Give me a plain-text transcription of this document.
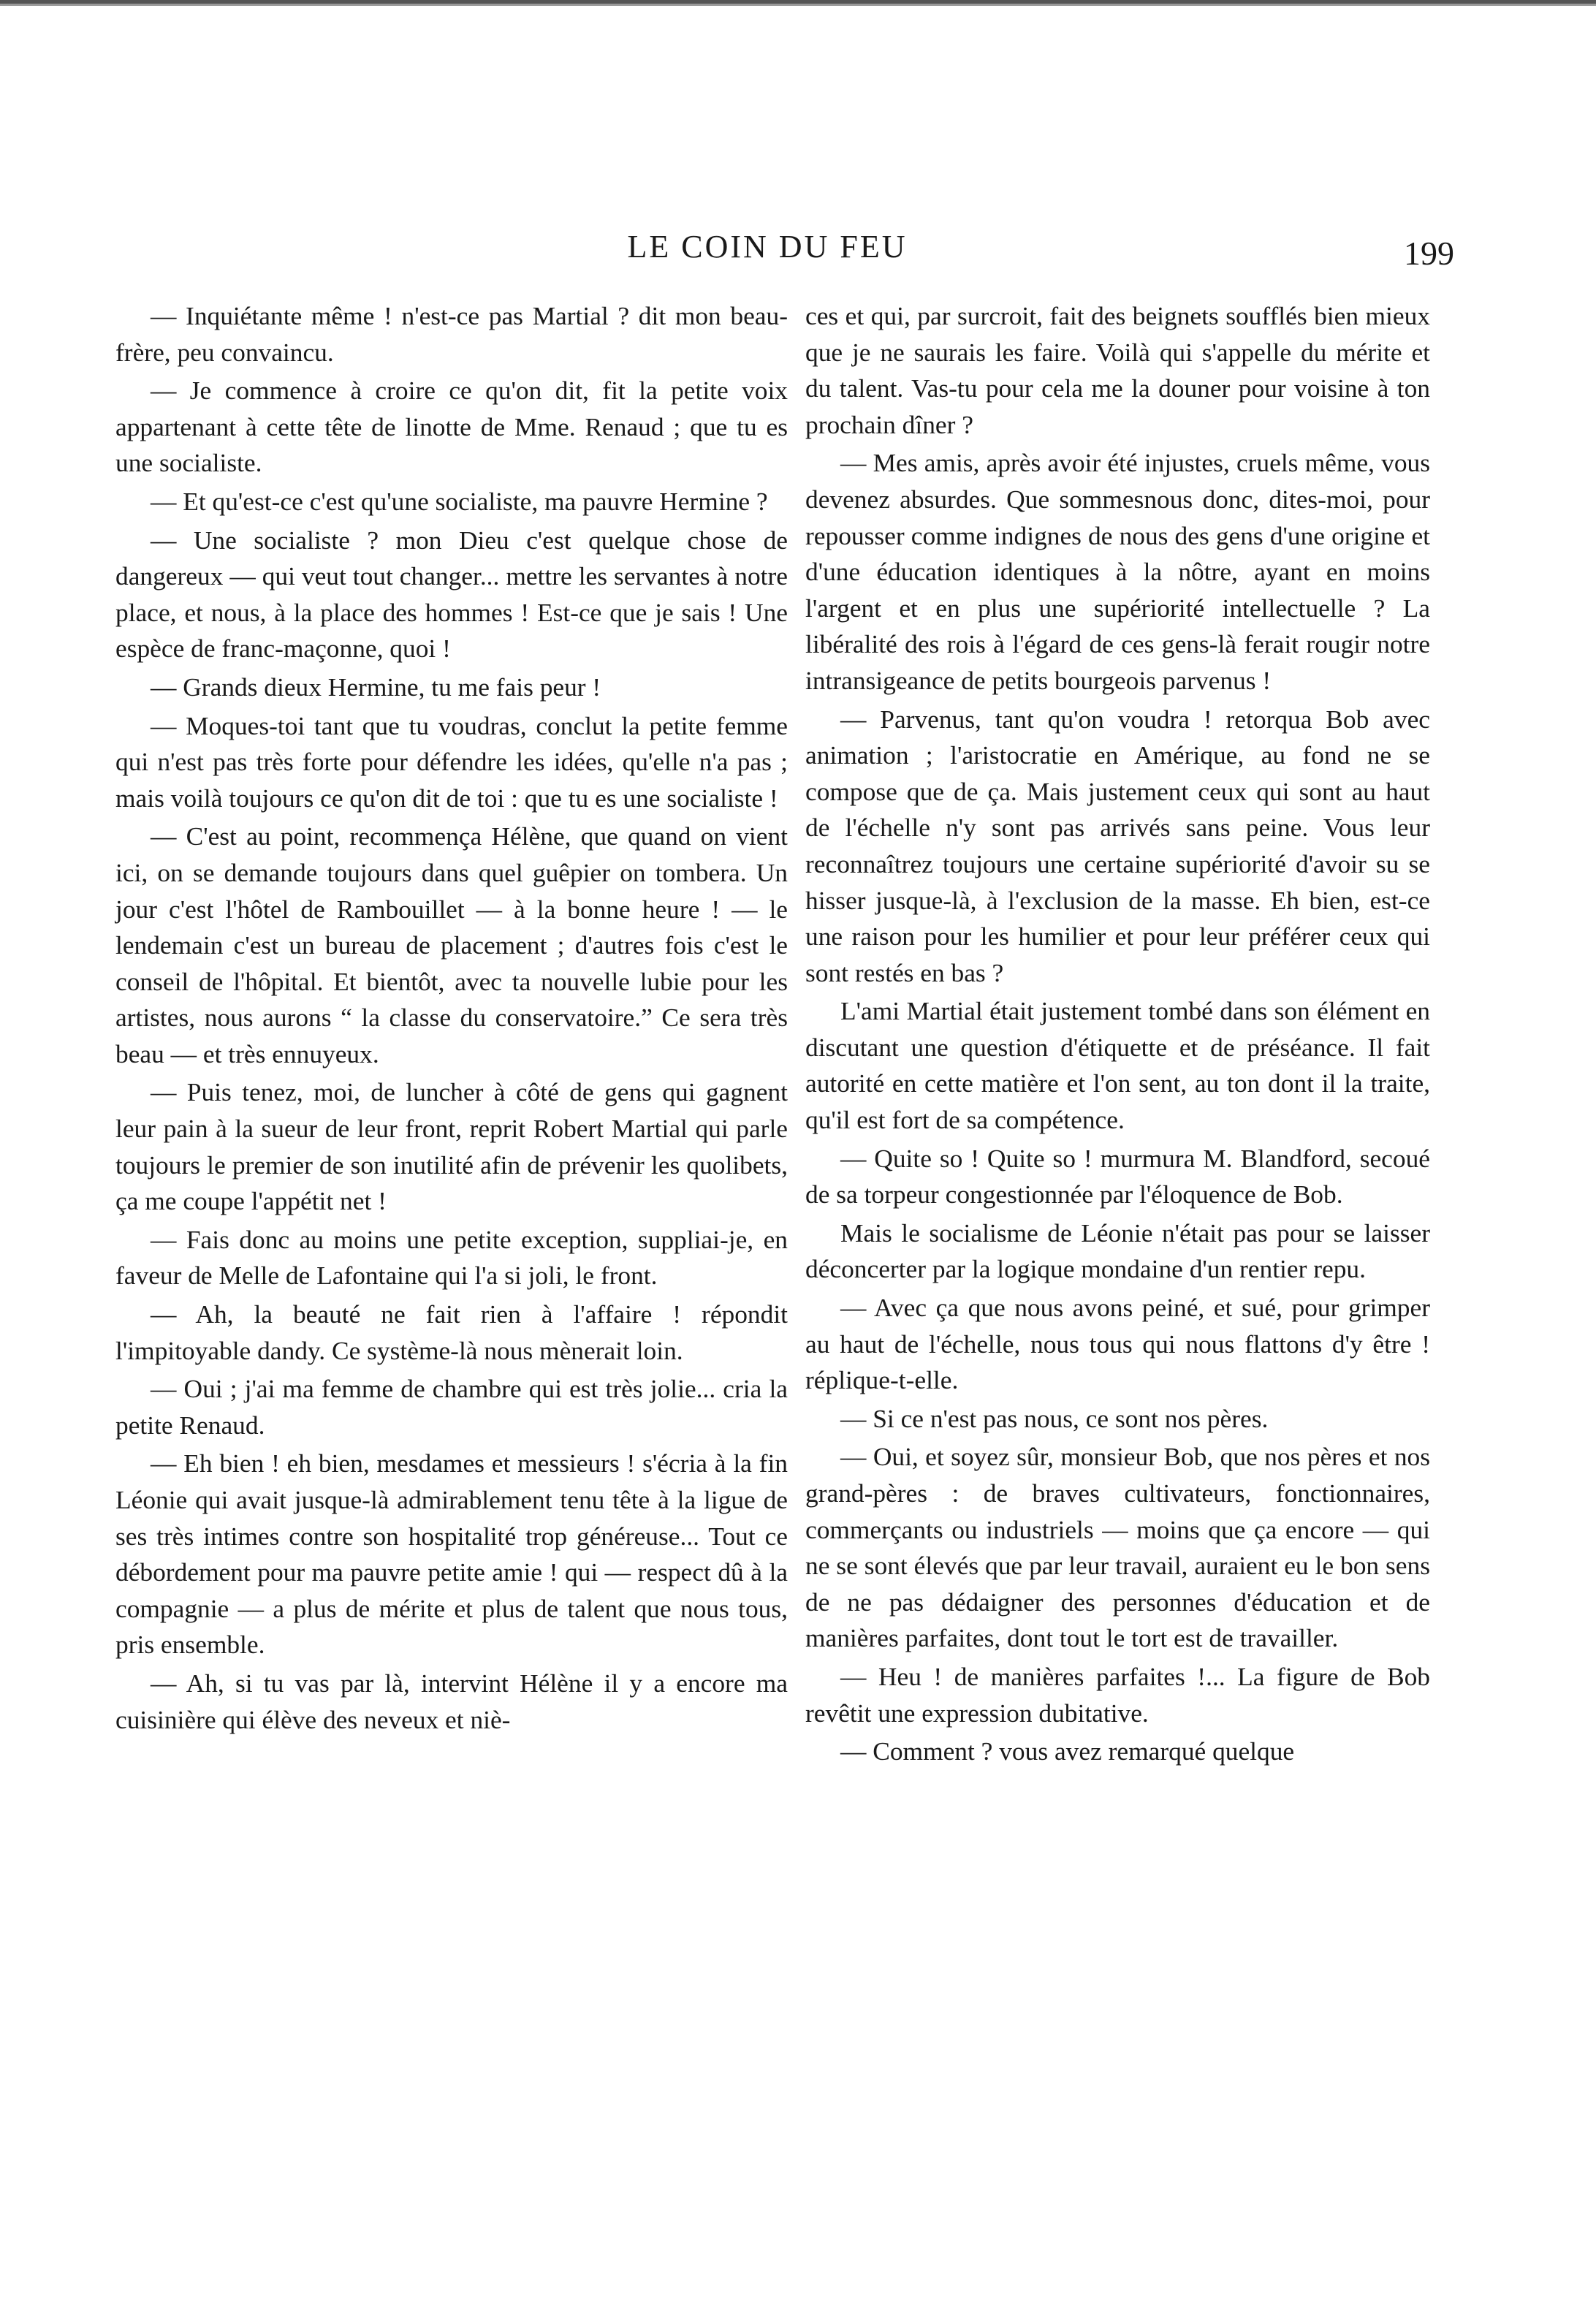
LE COIN DU FEU	199

— Inquiétante même ! n'est-ce pas Martial ? dit mon beau-frère, peu convaincu.

— Je commence à croire ce qu'on dit, fit la petite voix appartenant à cette tête de linotte de Mme. Renaud ; que tu es une socialiste.

— Et qu'est-ce c'est qu'une socialiste, ma pauvre Hermine ?

— Une socialiste ? mon Dieu c'est quelque chose de dangereux — qui veut tout changer... mettre les servantes à notre place, et nous, à la place des hommes ! Est-ce que je sais ! Une espèce de franc-maçonne, quoi !

— Grands dieux Hermine, tu me fais peur !

— Moques-toi tant que tu voudras, conclut la petite femme qui n'est pas très forte pour défendre les idées, qu'elle n'a pas ; mais voilà toujours ce qu'on dit de toi : que tu es une socialiste !

— C'est au point, recommença Hélène, que quand on vient ici, on se demande toujours dans quel guêpier on tombera. Un jour c'est l'hôtel de Rambouillet — à la bonne heure ! — le lendemain c'est un bureau de placement ; d'autres fois c'est le conseil de l'hôpital. Et bientôt, avec ta nouvelle lubie pour les artistes, nous aurons “ la classe du conservatoire.” Ce sera très beau — et très ennuyeux.

— Puis tenez, moi, de luncher à côté de gens qui gagnent leur pain à la sueur de leur front, reprit Robert Martial qui parle toujours le premier de son inutilité afin de prévenir les quolibets, ça me coupe l'appétit net !

— Fais donc au moins une petite exception, suppliai-je, en faveur de Melle de Lafontaine qui l'a si joli, le front.

— Ah, la beauté ne fait rien à l'affaire ! répondit l'impitoyable dandy. Ce système-là nous mènerait loin.

— Oui ; j'ai ma femme de chambre qui est très jolie... cria la petite Renaud.

— Eh bien ! eh bien, mesdames et messieurs ! s'écria à la fin Léonie qui avait jusque-là admirablement tenu tête à la ligue de ses très intimes contre son hospitalité trop généreuse... Tout ce débordement pour ma pauvre petite amie ! qui — respect dû à la compagnie — a plus de mérite et plus de talent que nous tous, pris ensemble.

— Ah, si tu vas par là, intervint Hélène il y a encore ma cuisinière qui élève des neveux et niè-

ces et qui, par surcroit, fait des beignets soufflés bien mieux que je ne saurais les faire. Voilà qui s'appelle du mérite et du talent. Vas-tu pour cela me la douner pour voisine à ton prochain dîner ?

— Mes amis, après avoir été injustes, cruels même, vous devenez absurdes. Que sommesnous donc, dites-moi, pour repousser comme indignes de nous des gens d'une origine et d'une éducation identiques à la nôtre, ayant en moins l'argent et en plus une supériorité intellectuelle ? La libéralité des rois à l'égard de ces gens-là ferait rougir notre intransigeance de petits bourgeois parvenus !

— Parvenus, tant qu'on voudra ! retorqua Bob avec animation ; l'aristocratie en Amérique, au fond ne se compose que de ça. Mais justement ceux qui sont au haut de l'échelle n'y sont pas arrivés sans peine. Vous leur reconnaîtrez toujours une certaine supériorité d'avoir su se hisser jusque-là, à l'exclusion de la masse. Eh bien, est-ce une raison pour les humilier et pour leur préférer ceux qui sont restés en bas ?

L'ami Martial était justement tombé dans son élément en discutant une question d'étiquette et de préséance. Il fait autorité en cette matière et l'on sent, au ton dont il la traite, qu'il est fort de sa compétence.

— Quite so ! Quite so ! murmura M. Blandford, secoué de sa torpeur congestionnée par l'éloquence de Bob.

Mais le socialisme de Léonie n'était pas pour se laisser déconcerter par la logique mondaine d'un rentier repu.

— Avec ça que nous avons peiné, et sué, pour grimper au haut de l'échelle, nous tous qui nous flattons d'y être ! réplique-t-elle.

— Si ce n'est pas nous, ce sont nos pères.

— Oui, et soyez sûr, monsieur Bob, que nos pères et nos grand-pères : de braves cultivateurs, fonctionnaires, commerçants ou industriels — moins que ça encore — qui ne se sont élevés que par leur travail, auraient eu le bon sens de ne pas dédaigner des personnes d'éducation et de manières parfaites, dont tout le tort est de travailler.

— Heu ! de manières parfaites !... La figure de Bob revêtit une expression dubitative.

— Comment ? vous avez remarqué quelque
